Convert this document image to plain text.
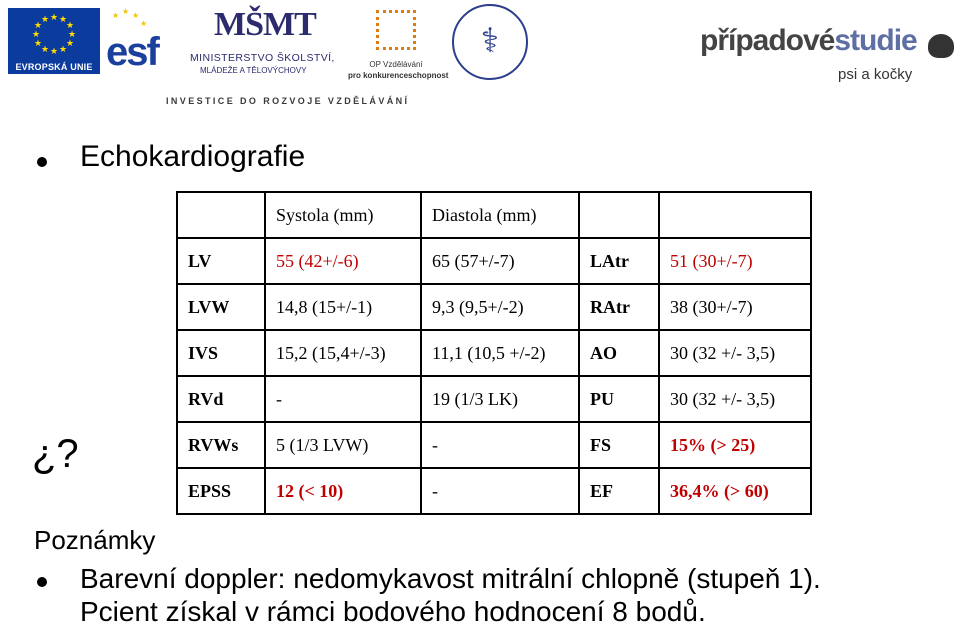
★ ★
★
★
★
★
★
★
★
★
★
★
EVROPSKÁ UNIE
★ ★ ★
★
esf
MŠMT
MINISTERSTVO ŠKOLSTVÍ,
MLÁDEŽE A TĚLOVÝCHOVY
OP Vzdělávání
pro konkurenceschopnost
⚕	případovéstudie
psi a kočky
INVESTICE DO ROZVOJE VZDĚLÁVÁNÍ
Echokardiografie
¿?
	Systola (mm)	Diastola (mm)		
LV	55 (42+/-6)	65 (57+/-7)	LAtr	51 (30+/-7)
LVW	14,8 (15+/-1)	9,3 (9,5+/-2)	RAtr	38 (30+/-7)
IVS	15,2 (15,4+/-3)	11,1 (10,5 +/-2)	AO	30 (32 +/- 3,5)
RVd	-	19 (1/3 LK)	PU	30 (32 +/- 3,5)
RVWs	5 (1/3 LVW)	-	FS	15% (> 25)
EPSS	12 (< 10)	-	EF	36,4% (> 60)
Poznámky
Barevní doppler: nedomykavost mitrální chlopně (stupeň 1).
Pcient získal v rámci bodového hodnocení 8 bodů.
